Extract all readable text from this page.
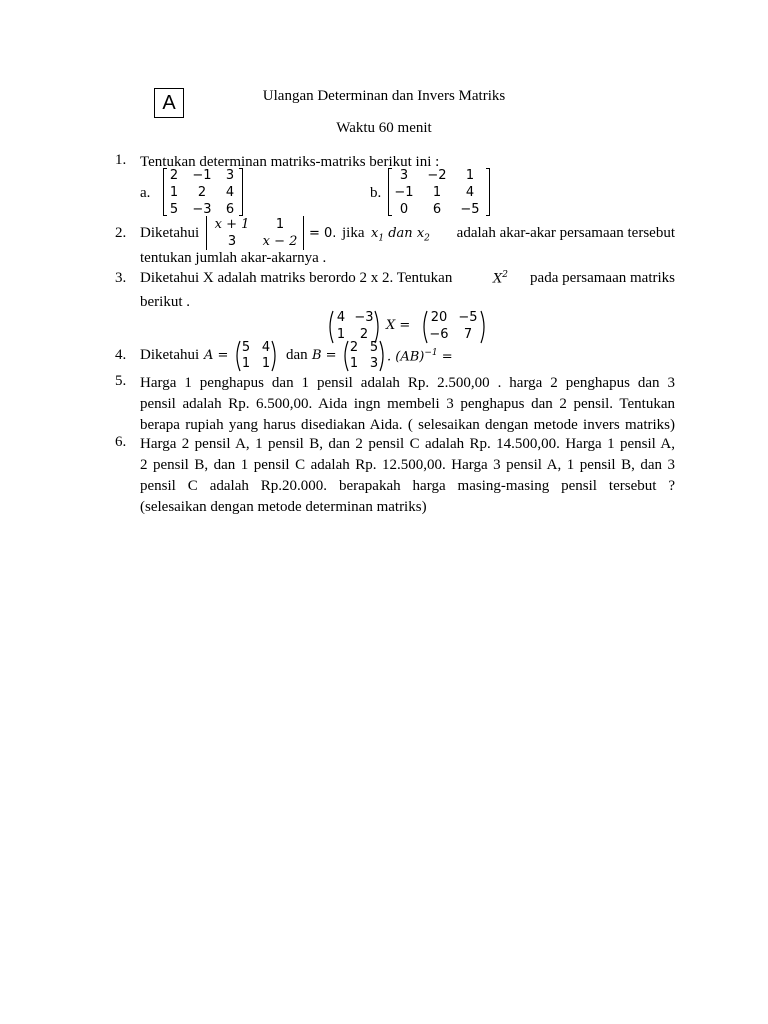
A	Ulangan Determinan dan Invers Matriks
Waktu 60 menit
1. Tentukan determinan matriks-matriks berikut ini :
a.	b.
2	−1	3
1	2	4
5	−3	6
3	−2	1
−1	1	4
0	6	−5
2. Diketahui
x + 1	1
3	x − 2
= 0. jika $x_1$ dan $x_2$	adalah akar-akar persamaan tersebut
tentukan jumlah akar-akarnya .
3. Diketahui X adalah matriks berordo 2 x 2. Tentukan	$X^2$	pada persamaan matriks
berikut .
4 −3
1	2
X =
20 −5
−6	7
4. Diketahui A =
5 4
1 1
dan B =
2 5
1 3 . (AB)$^{-1}$ =
5. Harga 1 penghapus dan 1 pensil adalah Rp. 2.500,00 . harga 2 penghapus dan 3
pensil adalah Rp. 6.500,00. Aida ingn membeli 3 penghapus dan 2 pensil. Tentukan
berapa rupiah yang harus disediakan Aida. ( selesaikan dengan metode invers matriks)
6. Harga 2 pensil A, 1 pensil B, dan 2 pensil C adalah Rp. 14.500,00. Harga 1 pensil A,
2 pensil B, dan 1 pensil C adalah Rp. 12.500,00. Harga 3 pensil A, 1 pensil B, dan 3
pensil C adalah Rp.20.000. berapakah harga masing-masing pensil tersebut ?
(selesaikan dengan metode determinan matriks)
